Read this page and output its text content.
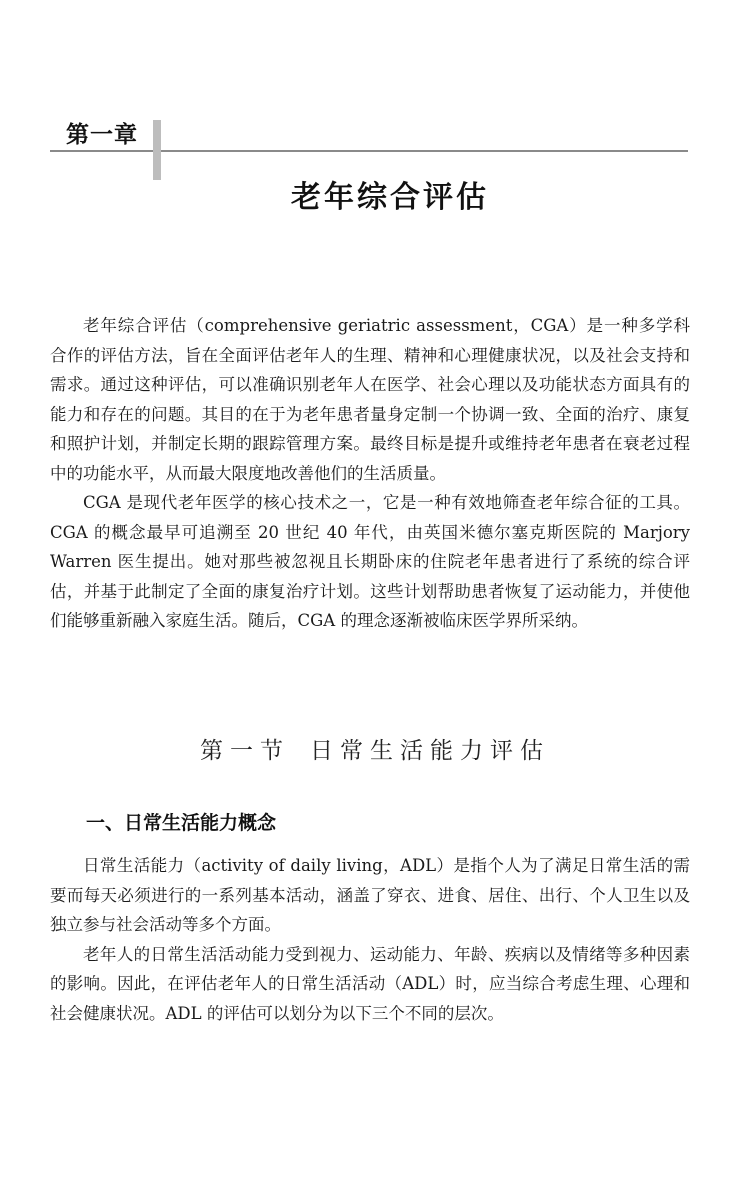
第一章
老年综合评估

老年综合评估（comprehensive geriatric assessment，CGA）是一种多学科合作的评估方法，旨在全面评估老年人的生理、精神和心理健康状况，以及社会支持和需求。通过这种评估，可以准确识别老年人在医学、社会心理以及功能状态方面具有的能力和存在的问题。其目的在于为老年患者量身定制一个协调一致、全面的治疗、康复和照护计划，并制定长期的跟踪管理方案。最终目标是提升或维持老年患者在衰老过程中的功能水平，从而最大限度地改善他们的生活质量。

CGA 是现代老年医学的核心技术之一，它是一种有效地筛查老年综合征的工具。CGA 的概念最早可追溯至 20 世纪 40 年代，由英国米德尔塞克斯医院的 Marjory Warren 医生提出。她对那些被忽视且长期卧床的住院老年患者进行了系统的综合评估，并基于此制定了全面的康复治疗计划。这些计划帮助患者恢复了运动能力，并使他们能够重新融入家庭生活。随后，CGA 的理念逐渐被临床医学界所采纳。

第一节 日常生活能力评估
一、日常生活能力概念

日常生活能力（activity of daily living，ADL）是指个人为了满足日常生活的需要而每天必须进行的一系列基本活动，涵盖了穿衣、进食、居住、出行、个人卫生以及独立参与社会活动等多个方面。

老年人的日常生活活动能力受到视力、运动能力、年龄、疾病以及情绪等多种因素的影响。因此，在评估老年人的日常生活活动（ADL）时，应当综合考虑生理、心理和社会健康状况。ADL 的评估可以划分为以下三个不同的层次。
